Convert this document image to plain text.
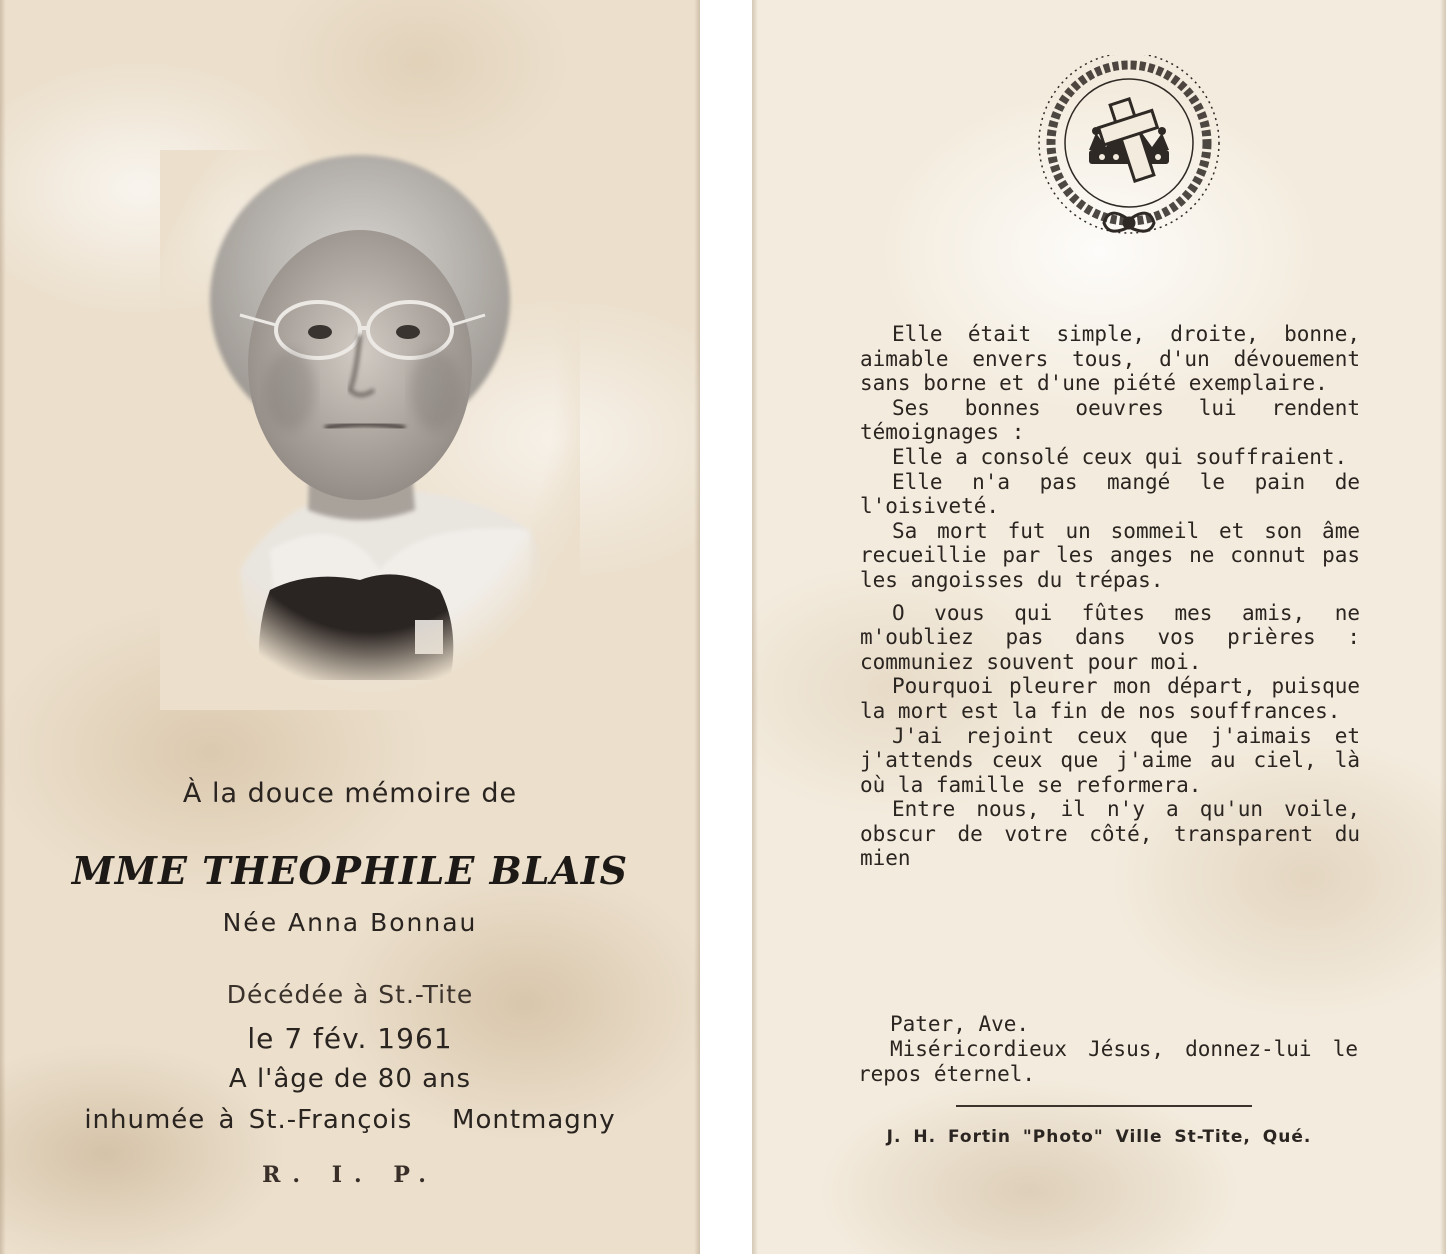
À la douce mémoire de
MME THEOPHILE BLAIS
Née Anna Bonnau
Décédée à St.-Tite
le 7 fév. 1961
A l'âge de 80 ans
inhumée à St.-François   Montmagny
R. I. P.

Elle était simple, droite, bonne, aimable envers tous, d'un dévouement sans borne et d'une piété exemplaire.

Ses bonnes oeuvres lui rendent témoignages :

Elle a consolé ceux qui souffraient.

Elle n'a pas mangé le pain de l'oisiveté.

Sa mort fut un sommeil et son âme recueillie par les anges ne connut pas les angoisses du trépas.

O vous qui fûtes mes amis, ne m'oubliez pas dans vos prières : communiez souvent pour moi.

Pourquoi pleurer mon départ, puisque la mort est la fin de nos souffrances.

J'ai rejoint ceux que j'aimais et j'attends ceux que j'aime au ciel, là où la famille se reformera.

Entre nous, il n'y a qu'un voile, obscur de votre côté, transparent du mien

Pater, Ave.

Miséricordieux Jésus, donnez-lui le repos éternel.

J. H. Fortin "Photo" Ville St-Tite, Qué.
